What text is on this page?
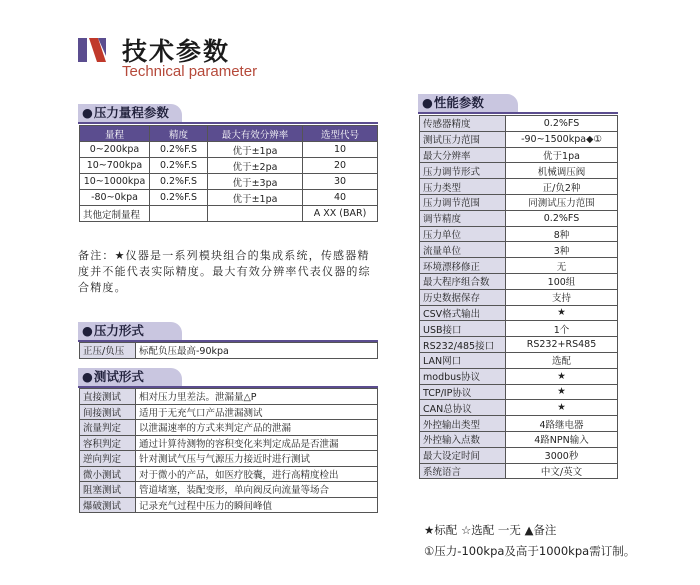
技术参数
Technical parameter
●压力量程参数
量程	精度	最大有效分辨率	选型代号
0~200kpa	0.2%F.S	优于±1pa	10
10~700kpa	0.2%F.S	优于±2pa	20
10~1000kpa	0.2%F.S	优于±3pa	30
-80~0kpa	0.2%F.S	优于±1pa	40
其他定制量程			A XX (BAR)
备注：★仪器是一系列模块组合的集成系统，传感器精度并不能代表实际精度。最大有效分辨率代表仪器的综合精度。
●压力形式
正压/负压	标配负压最高-90kpa
●测试形式
直接测试	相对压力里差法。泄漏量△P
间接测试	适用于无充气口产品泄漏测试
流量判定	以泄漏速率的方式来判定产品的泄漏
容积判定	通过计算待测物的容积变化来判定成品是否泄漏
逆向判定	针对测试气压与气源压力接近时进行测试
微小测试	对于微小的产品，如医疗胶囊，进行高精度检出
阻塞测试	管道堵塞，装配变形，单向阀反向流量等场合
爆破测试	记录充气过程中压力的瞬间峰值
●性能参数
传感器精度	0.2%FS
测试压力范围	-90~1500kpa◆①
最大分辨率	优于1pa
压力调节形式	机械调压阀
压力类型	正/负2种
压力调节范围	同测试压力范围
调节精度	0.2%FS
压力单位	8种
流量单位	3种
环境漂移修正	无
最大程序组合数	100组
历史数据保存	支持
CSV格式输出	★
USB接口	1个
RS232/485接口	RS232+RS485
LAN网口	选配
modbus协议	★
TCP/IP协议	★
CAN总协议	★
外控输出类型	4路继电器
外控输入点数	4路NPN输入
最大设定时间	3000秒
系统语言	中文/英文
★标配 ☆选配 一无 ▲备注
①压力-100kpa及高于1000kpa需订制。
